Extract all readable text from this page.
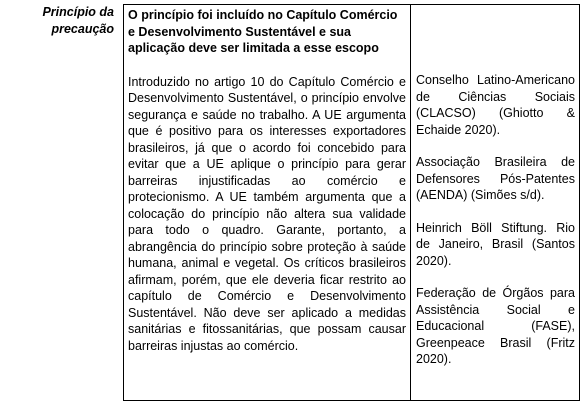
Princípio da precaução

O princípio foi incluído no Capítulo Comércio e Desenvolvimento Sustentável e sua aplicação deve ser limitada a esse escopo

Introduzido no artigo 10 do Capítulo Comércio e Desenvolvimento Sustentável, o princípio envolve segurança e saúde no trabalho. A UE argumenta que é positivo para os interesses exportadores brasileiros, já que o acordo foi concebido para evitar que a UE aplique o princípio para gerar barreiras injustificadas ao comércio e protecionismo. A UE também argumenta que a colocação do princípio não altera sua validade para todo o quadro. Garante, portanto, a abrangência do princípio sobre proteção à saúde humana, animal e vegetal. Os críticos brasileiros afirmam, porém, que ele deveria ficar restrito ao capítulo de Comércio e Desenvolvimento Sustentável. Não deve ser aplicado a medidas sanitárias e fitossanitárias, que possam causar barreiras injustas ao comércio.

Conselho Latino-Americano de Ciências Sociais (CLACSO) (Ghiotto & Echaide 2020).

Associação Brasileira de Defensores Pós-Patentes (AENDA) (Simões s/d).

Heinrich Böll Stiftung. Rio de Janeiro, Brasil (Santos 2020).

Federação de Órgãos para Assistência Social e Educacional (FASE), Greenpeace Brasil (Fritz 2020).
